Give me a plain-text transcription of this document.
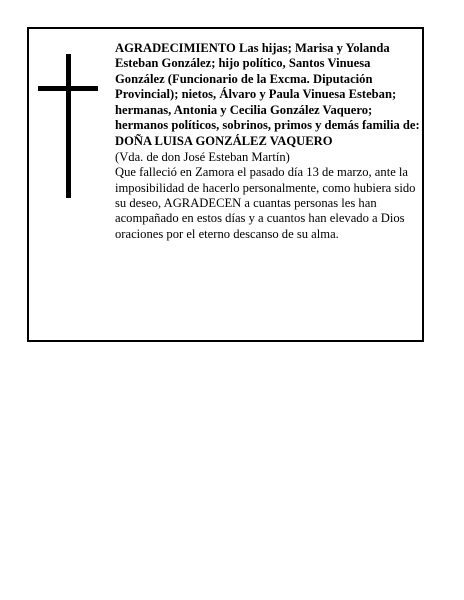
AGRADECIMIENTO Las hijas; Marisa y Yolanda Esteban González; hijo político, Santos Vinuesa González (Funcionario de la Excma. Diputación Provincial); nietos, Álvaro y Paula Vinuesa Esteban; hermanas, Antonia y Cecilia González Vaquero; hermanos políticos, sobrinos, primos y demás familia de:

DOÑA LUISA GONZÁLEZ VAQUERO

(Vda. de don José Esteban Martín)

Que falleció en Zamora el pasado día 13 de marzo, ante la imposibilidad de hacerlo personalmente, como hubiera sido su deseo, AGRADECEN a cuantas personas les han acompañado en estos días y a cuantos han elevado a Dios oraciones por el eterno descanso de su alma.
